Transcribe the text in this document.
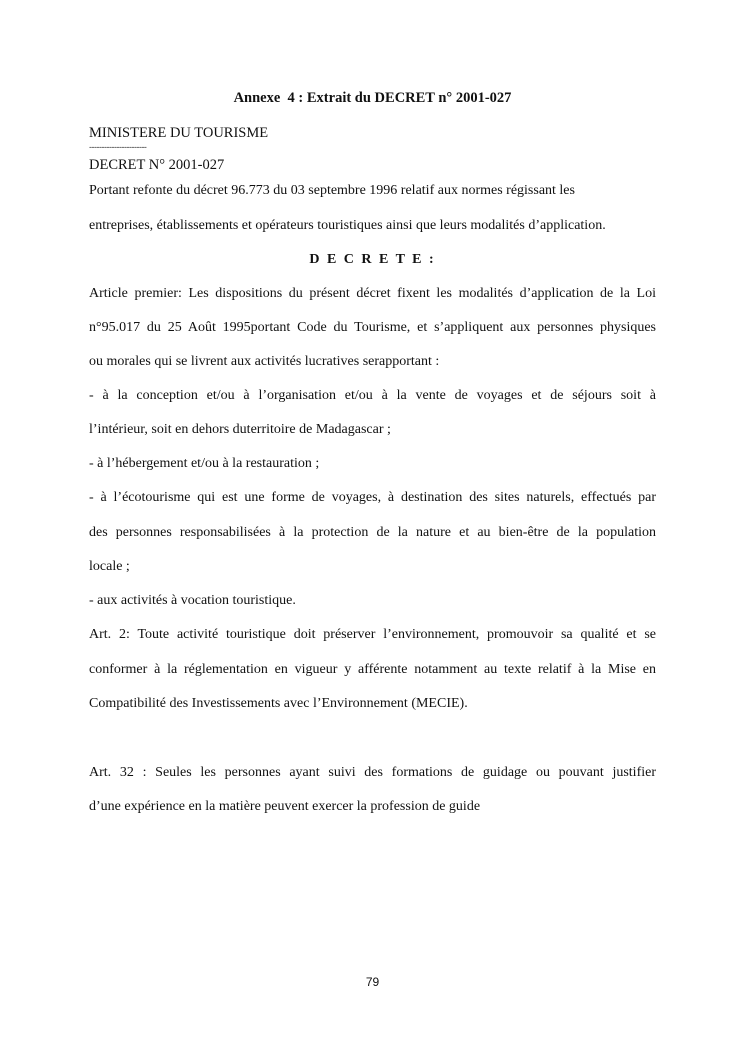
Annexe  4 : Extrait du DECRET n° 2001-027
MINISTERE DU TOURISME
-----------------------
DECRET N° 2001-027
Portant refonte du décret 96.773 du 03 septembre 1996 relatif aux normes régissant les
entreprises, établissements et opérateurs touristiques ainsi que leurs modalités d’application.
D E C R E T E :
Article premier: Les dispositions du présent décret fixent les modalités d’application de la Loi
n°95.017 du 25 Août 1995portant Code du Tourisme, et s’appliquent aux personnes physiques
ou morales qui se livrent aux activités lucratives serapportant :
- à la conception et/ou à l’organisation et/ou à la vente de voyages et de séjours soit à
l’intérieur, soit en dehors duterritoire de Madagascar ;
- à l’hébergement et/ou à la restauration ;
- à l’écotourisme qui est une forme de voyages, à destination des sites naturels, effectués par
des personnes responsabilisées à la protection de la nature et au bien-être de la population
locale ;
- aux activités à vocation touristique.
Art. 2: Toute activité touristique doit préserver l’environnement, promouvoir sa qualité et se
conformer à la réglementation en vigueur y afférente notamment au texte relatif à la Mise en
Compatibilité des Investissements avec l’Environnement (MECIE).
Art. 32 : Seules les personnes ayant suivi des formations de guidage ou pouvant justifier
d’une expérience en la matière peuvent exercer la profession de guide
79
